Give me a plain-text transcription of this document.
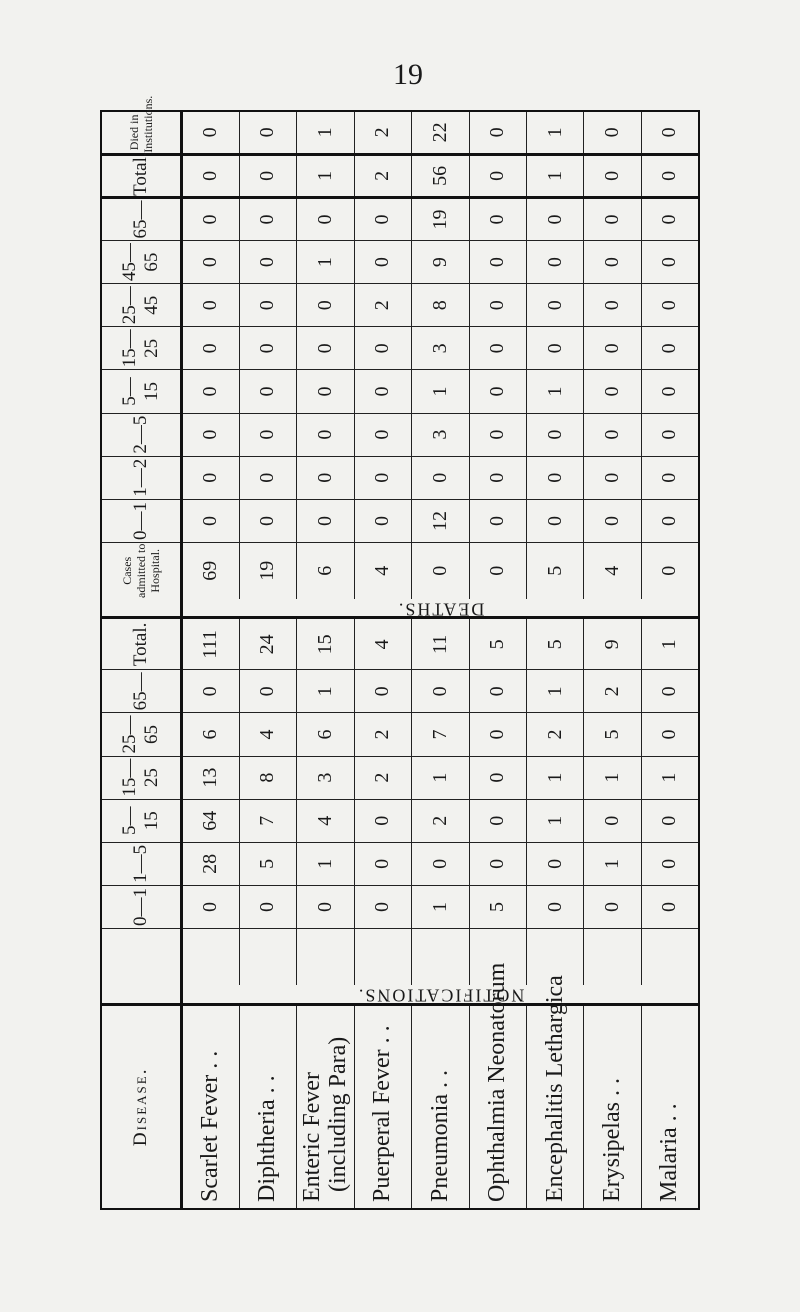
19
Disease.			0—1	1—5	5—15	15—25	25—65	65—	Total.		Cases admitted to Hospital.	0—1	1—2	2—5	5—15	15—25	25—45	45—65	65—	Total.	Died in Institutions.
Scarlet Fever . .	NOTIFICATIONS.		0	28	64	13	6	0	111	DEATHS.	69	0	0	0	0	0	0	0	0	0	0
Diphtheria . .			0	5	7	8	4	0	24		19	0	0	0	0	0	0	0	0	0	0
Enteric Fever
(including Para)			0	1	4	3	6	1	15		6	0	0	0	0	0	0	1	0	1	1
Puerperal Fever . .			0	0	0	2	2	0	4		4	0	0	0	0	0	2	0	0	2	2
Pneumonia . .			1	0	2	1	7	0	11		0	12	0	3	1	3	8	9	19	56	22
Ophthalmia Neonatorum			5	0	0	0	0	0	5		0	0	0	0	0	0	0	0	0	0	0
Encephalitis Lethargica			0	0	1	1	2	1	5		5	0	0	0	1	0	0	0	0	1	1
Erysipelas . .			0	1	0	1	5	2	9		4	0	0	0	0	0	0	0	0	0	0
Malaria . .			0	0	0	1	0	0	1		0	0	0	0	0	0	0	0	0	0	0
